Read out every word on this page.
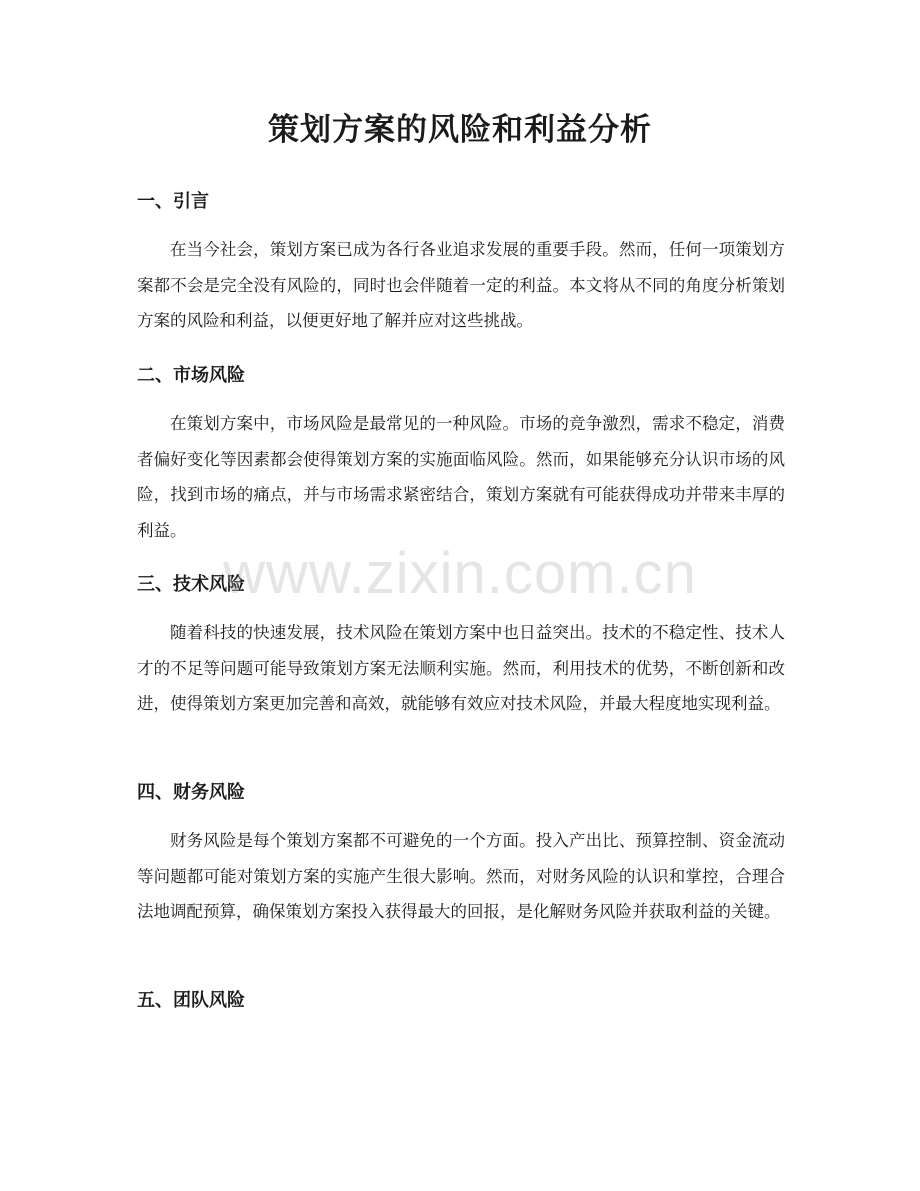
策划方案的风险和利益分析
一、引言

在当今社会，策划方案已成为各行各业追求发展的重要手段。然而，任何一项策划方案都不会是完全没有风险的，同时也会伴随着一定的利益。本文将从不同的角度分析策划方案的风险和利益，以便更好地了解并应对这些挑战。

二、市场风险

在策划方案中，市场风险是最常见的一种风险。市场的竞争激烈，需求不稳定，消费者偏好变化等因素都会使得策划方案的实施面临风险。然而，如果能够充分认识市场的风险，找到市场的痛点，并与市场需求紧密结合，策划方案就有可能获得成功并带来丰厚的利益。

三、技术风险

随着科技的快速发展，技术风险在策划方案中也日益突出。技术的不稳定性、技术人才的不足等问题可能导致策划方案无法顺利实施。然而，利用技术的优势，不断创新和改进，使得策划方案更加完善和高效，就能够有效应对技术风险，并最大程度地实现利益。

四、财务风险

财务风险是每个策划方案都不可避免的一个方面。投入产出比、预算控制、资金流动等问题都可能对策划方案的实施产生很大影响。然而，对财务风险的认识和掌控，合理合法地调配预算，确保策划方案投入获得最大的回报，是化解财务风险并获取利益的关键。

五、团队风险
www.zixin.com.cn
